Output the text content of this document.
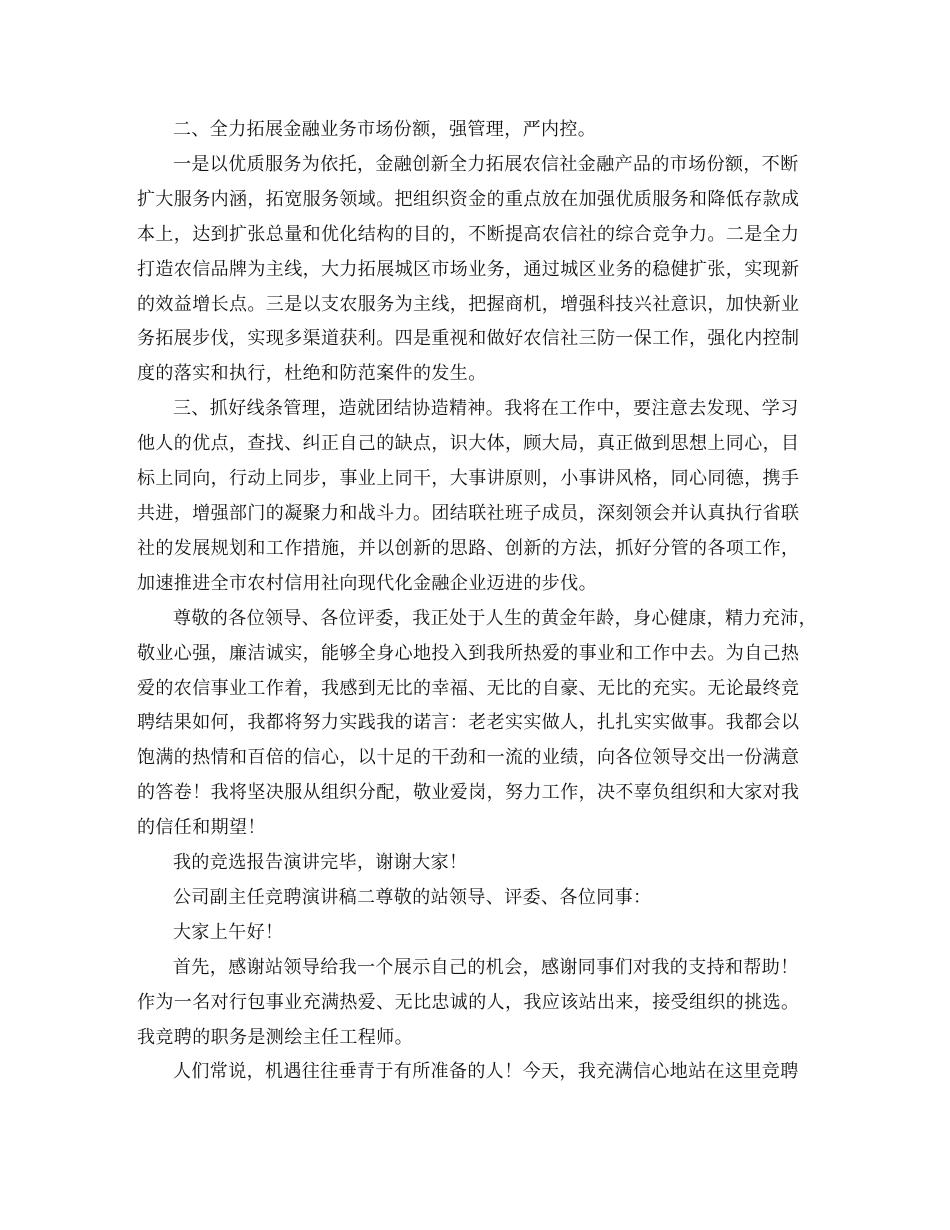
二、全力拓展金融业务市场份额，强管理，严内控。

一是以优质服务为依托，金融创新全力拓展农信社金融产品的市场份额，不断
扩大服务内涵，拓宽服务领域。把组织资金的重点放在加强优质服务和降低存款成
本上，达到扩张总量和优化结构的目的，不断提高农信社的综合竞争力。二是全力
打造农信品牌为主线，大力拓展城区市场业务，通过城区业务的稳健扩张，实现新
的效益增长点。三是以支农服务为主线，把握商机，增强科技兴社意识，加快新业
务拓展步伐，实现多渠道获利。四是重视和做好农信社三防一保工作，强化内控制
度的落实和执行，杜绝和防范案件的发生。

三、抓好线条管理，造就团结协造精神。我将在工作中，要注意去发现、学习
他人的优点，查找、纠正自己的缺点，识大体，顾大局，真正做到思想上同心，目
标上同向，行动上同步，事业上同干，大事讲原则，小事讲风格，同心同德，携手
共进，增强部门的凝聚力和战斗力。团结联社班子成员，深刻领会并认真执行省联
社的发展规划和工作措施，并以创新的思路、创新的方法，抓好分管的各项工作，
加速推进全市农村信用社向现代化金融企业迈进的步伐。

尊敬的各位领导、各位评委，我正处于人生的黄金年龄，身心健康，精力充沛，
敬业心强，廉洁诚实，能够全身心地投入到我所热爱的事业和工作中去。为自己热
爱的农信事业工作着，我感到无比的幸福、无比的自豪、无比的充实。无论最终竞
聘结果如何，我都将努力实践我的诺言：老老实实做人，扎扎实实做事。我都会以
饱满的热情和百倍的信心，以十足的干劲和一流的业绩，向各位领导交出一份满意
的答卷！我将坚决服从组织分配，敬业爱岗，努力工作，决不辜负组织和大家对我
的信任和期望！

我的竞选报告演讲完毕，谢谢大家！

公司副主任竞聘演讲稿二尊敬的站领导、评委、各位同事：

大家上午好！

首先，感谢站领导给我一个展示自己的机会，感谢同事们对我的支持和帮助！
作为一名对行包事业充满热爱、无比忠诚的人，我应该站出来，接受组织的挑选。
我竞聘的职务是测绘主任工程师。

人们常说，机遇往往垂青于有所准备的人！今天，我充满信心地站在这里竞聘
